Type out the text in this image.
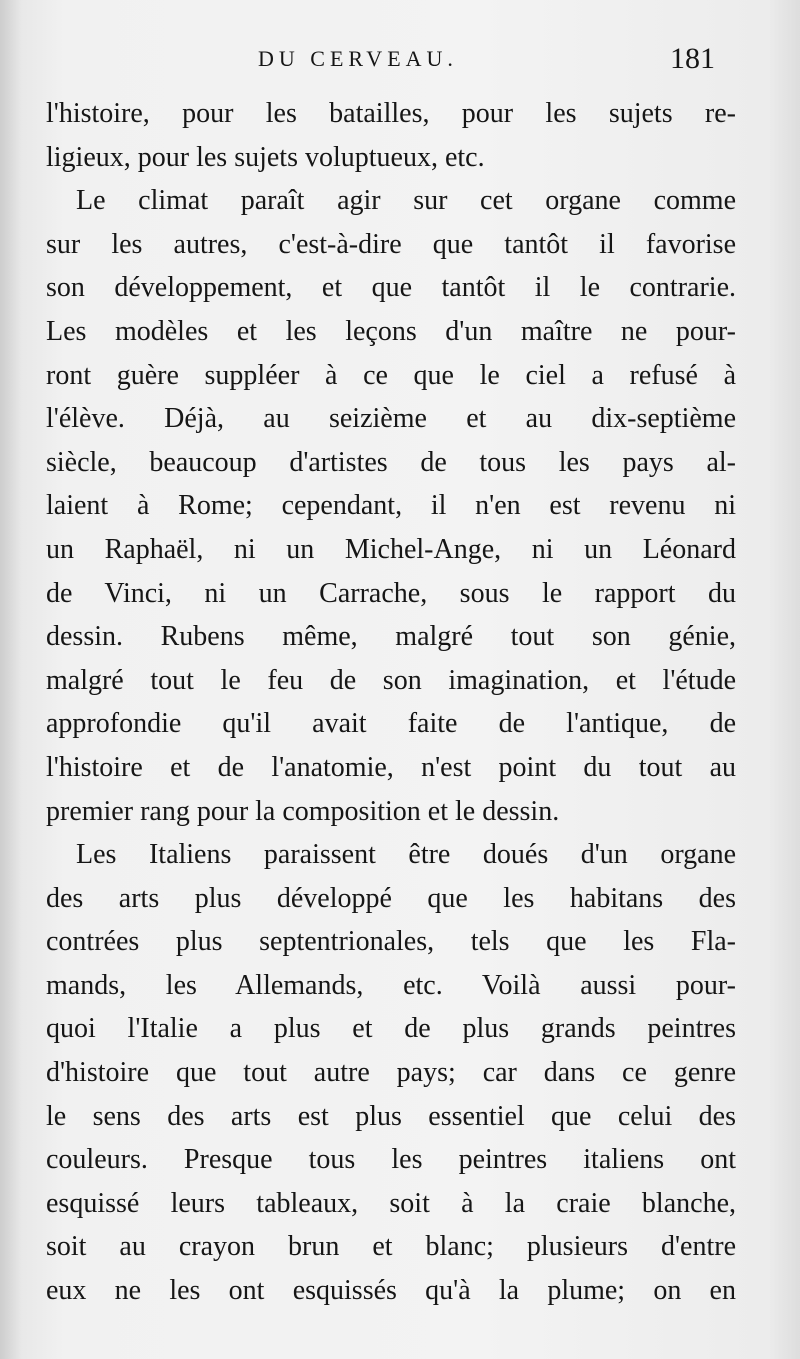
DU CERVEAU.	181
l'histoire, pour les batailles, pour les sujets re-
ligieux, pour les sujets voluptueux, etc.
Le climat paraît agir sur cet organe comme
sur les autres, c'est-à-dire que tantôt il favorise
son développement, et que tantôt il le contrarie.
Les modèles et les leçons d'un maître ne pour-
ront guère suppléer à ce que le ciel a refusé à
l'élève. Déjà, au seizième et au dix-septième
siècle, beaucoup d'artistes de tous les pays al-
laient à Rome; cependant, il n'en est revenu ni
un Raphaël, ni un Michel-Ange, ni un Léonard
de Vinci, ni un Carrache, sous le rapport du
dessin. Rubens même, malgré tout son génie,
malgré tout le feu de son imagination, et l'étude
approfondie qu'il avait faite de l'antique, de
l'histoire et de l'anatomie, n'est point du tout au
premier rang pour la composition et le dessin.
Les Italiens paraissent être doués d'un organe
des arts plus développé que les habitans des
contrées plus septentrionales, tels que les Fla-
mands, les Allemands, etc. Voilà aussi pour-
quoi l'Italie a plus et de plus grands peintres
d'histoire que tout autre pays; car dans ce genre
le sens des arts est plus essentiel que celui des
couleurs. Presque tous les peintres italiens ont
esquissé leurs tableaux, soit à la craie blanche,
soit au crayon brun et blanc; plusieurs d'entre
eux ne les ont esquissés qu'à la plume; on en
